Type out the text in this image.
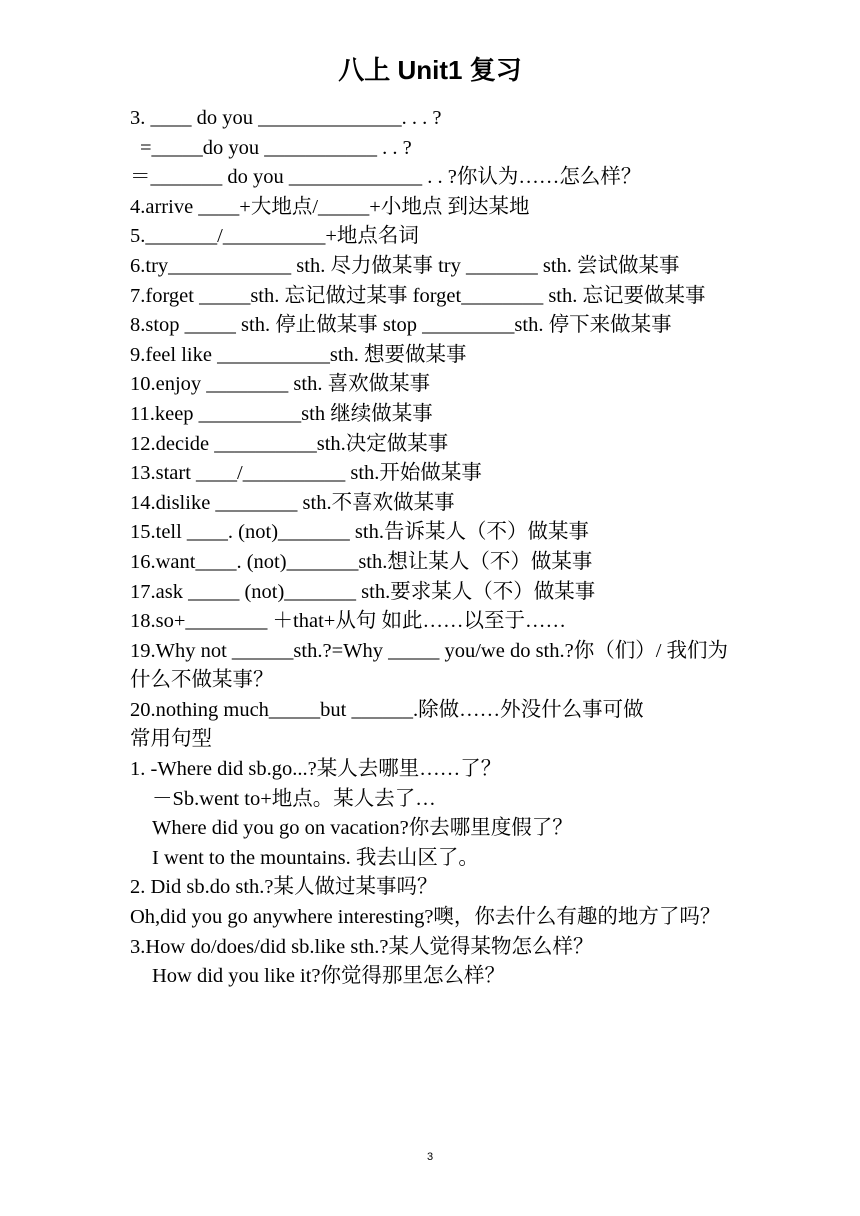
八上 Unit1 复习
3. ____ do you ______________. . . ?
=_____do you ___________ . . ?
＝_______ do you _____________ . . ?你认为……怎么样？
4.arrive ____+大地点/_____+小地点 到达某地
5._______/__________+地点名词
6.try____________ sth. 尽力做某事 try _______ sth. 尝试做某事
7.forget _____sth. 忘记做过某事 forget________ sth. 忘记要做某事
8.stop _____ sth. 停止做某事 stop _________sth. 停下来做某事
9.feel like ___________sth. 想要做某事
10.enjoy ________ sth. 喜欢做某事
11.keep __________sth 继续做某事
12.decide __________sth.决定做某事
13.start ____/__________ sth.开始做某事
14.dislike ________ sth.不喜欢做某事
15.tell ____. (not)_______ sth.告诉某人（不）做某事
16.want____. (not)_______sth.想让某人（不）做某事
17.ask _____ (not)_______ sth.要求某人（不）做某事
18.so+________ ＋that+从句 如此……以至于……
19.Why not ______sth.?=Why _____ you/we do sth.?你（们）/ 我们为什么不做某事？
20.nothing much_____but ______.除做……外没什么事可做
常用句型
1. -Where did sb.go...?某人去哪里……了？
－Sb.went to+地点。某人去了…
Where did you go on vacation?你去哪里度假了？
I went to the mountains. 我去山区了。
2. Did sb.do sth.?某人做过某事吗？
Oh,did you go anywhere interesting?噢，你去什么有趣的地方了吗？ 3.How do/does/did sb.like sth.?某人觉得某物怎么样？
How did you like it?你觉得那里怎么样？
3
